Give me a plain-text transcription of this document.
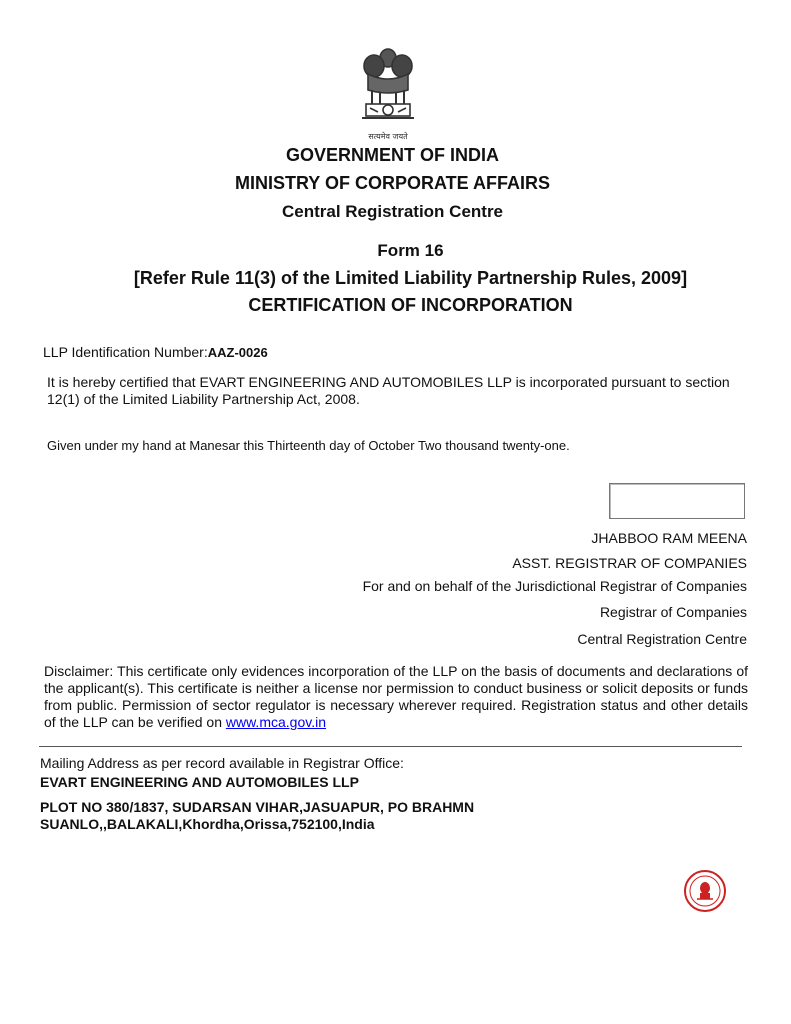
सत्यमेव जयते
GOVERNMENT OF INDIA
MINISTRY OF CORPORATE AFFAIRS
Central Registration Centre
Form 16
[Refer Rule 11(3) of the Limited Liability Partnership Rules, 2009]
CERTIFICATION OF INCORPORATION
LLP Identification Number:AAZ-0026
It is hereby certified that EVART ENGINEERING AND AUTOMOBILES LLP is incorporated pursuant to section 12(1) of the Limited Liability Partnership Act, 2008.
Given under my hand at Manesar this Thirteenth day of October Two thousand twenty-one.
JHABBOO RAM MEENA
ASST. REGISTRAR OF COMPANIES
For and on behalf of the Jurisdictional Registrar of Companies
Registrar of Companies
Central Registration Centre
Disclaimer: This certificate only evidences incorporation of the LLP on the basis of documents and declarations of the applicant(s). This certificate is neither a license nor permission to conduct business or solicit deposits or funds from public. Permission of sector regulator is necessary wherever required. Registration status and other details of the LLP can be verified on www.mca.gov.in
Mailing Address as per record available in Registrar Office:
EVART ENGINEERING AND AUTOMOBILES LLP
PLOT NO 380/1837, SUDARSAN VIHAR,JASUAPUR, PO BRAHMN
SUANLO,,BALAKALI,Khordha,Orissa,752100,India
